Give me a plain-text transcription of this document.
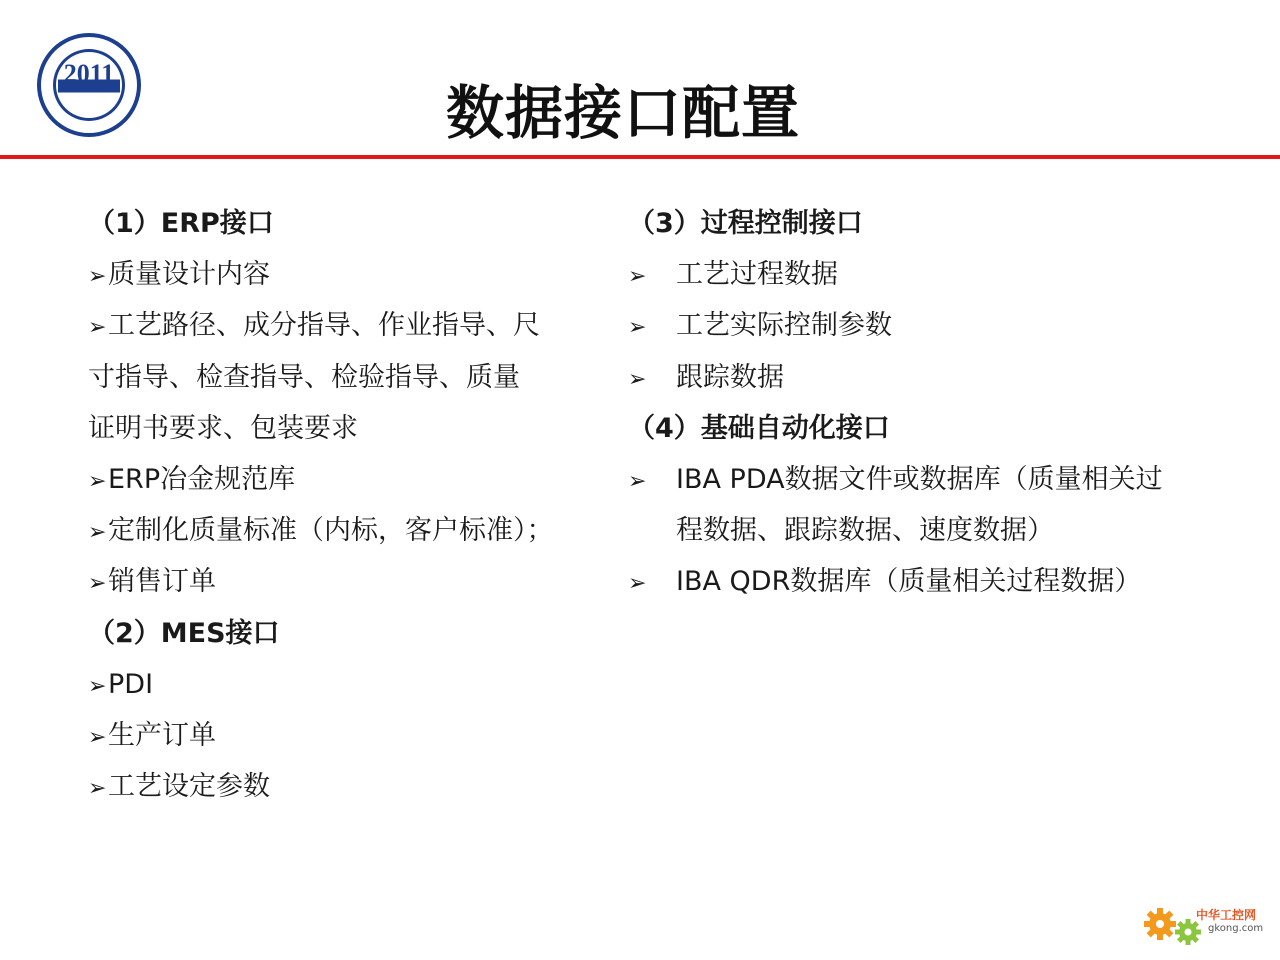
2011
NEU	数据接口配置
（1）ERP接口
➢质量设计内容
➢工艺路径、成分指导、作业指导、尺
寸指导、检查指导、检验指导、质量
证明书要求、包装要求
➢ERP冶金规范库
➢定制化质量标准（内标，客户标准）；
➢销售订单
（2）MES接口
➢PDI
➢生产订单
➢工艺设定参数
（3）过程控制接口
➢ 工艺过程数据
➢ 工艺实际控制参数
➢ 跟踪数据
（4）基础自动化接口
➢ IBA PDA数据文件或数据库（质量相关过
程数据、跟踪数据、速度数据）
➢ IBA QDR数据库（质量相关过程数据）
中华工控网
gkong.com
